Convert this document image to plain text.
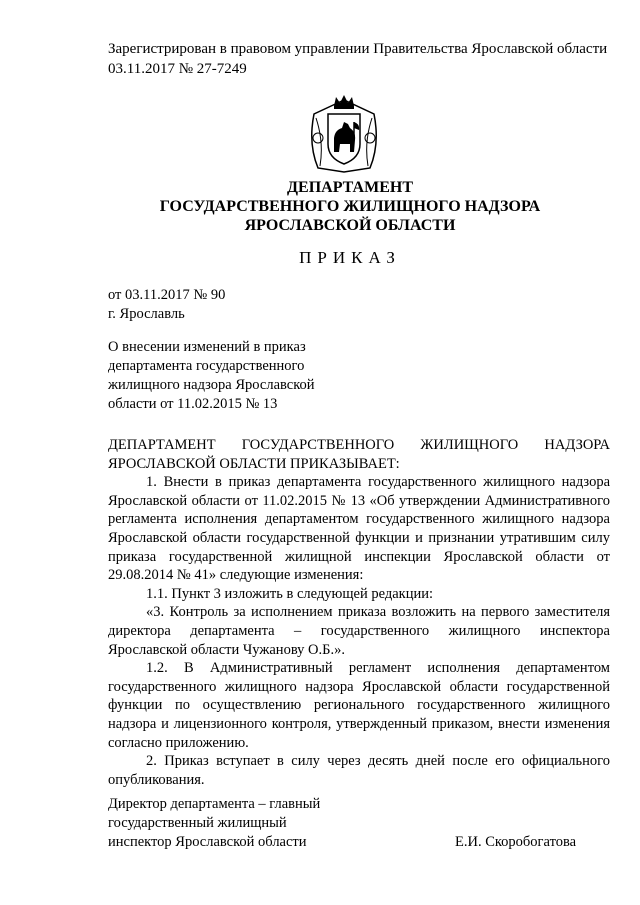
Зарегистрирован в правовом управлении Правительства Ярославской области
03.11.2017 № 27-7249
ДЕПАРТАМЕНТ
ГОСУДАРСТВЕННОГО ЖИЛИЩНОГО НАДЗОРА
ЯРОСЛАВСКОЙ ОБЛАСТИ
ПРИКАЗ
от 03.11.2017 № 90
г. Ярославль
О внесении изменений в приказ
департамента государственного
жилищного надзора Ярославской
области от 11.02.2015 № 13

ДЕПАРТАМЕНТ ГОСУДАРСТВЕННОГО ЖИЛИЩНОГО НАДЗОРА

ЯРОСЛАВСКОЙ ОБЛАСТИ ПРИКАЗЫВАЕТ:

1. Внести в приказ департамента государственного жилищного надзора Ярославской области от 11.02.2015 № 13 «Об утверждении Административного регламента исполнения департаментом государственного жилищного надзора Ярославской области государственной функции и признании утратившим силу приказа государственной жилищной инспекции Ярославской области от 29.08.2014 № 41» следующие изменения:

1.1. Пункт 3 изложить в следующей редакции:

«3. Контроль за исполнением приказа возложить на первого заместителя директора департамента – государственного жилищного инспектора Ярославской области Чужанову О.Б.».

1.2. В Административный регламент исполнения департаментом государственного жилищного надзора Ярославской области государственной функции по осуществлению регионального государственного жилищного надзора и лицензионного контроля, утвержденный приказом, внести изменения согласно приложению.

2. Приказ вступает в силу через десять дней после его официального опубликования.

Директор департамента – главный
государственный жилищный
инспектор Ярославской области	Е.И. Скоробогатова
